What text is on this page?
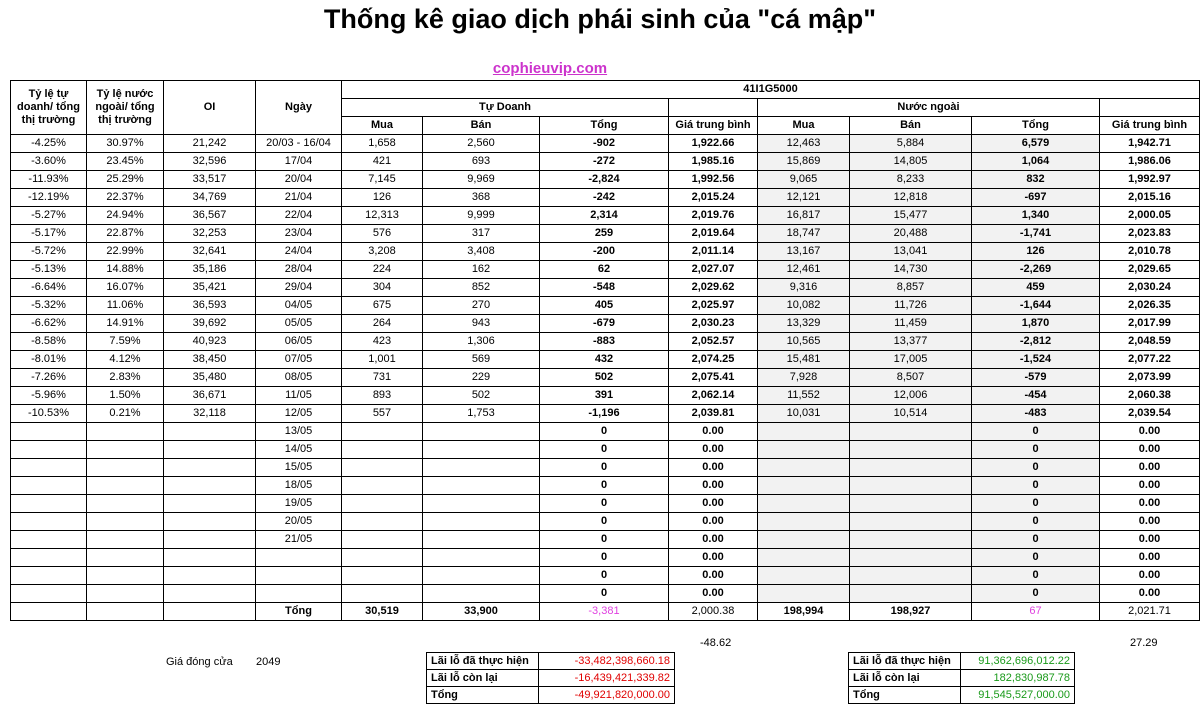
Thống kê giao dịch phái sinh của "cá mập"
cophieuvip.com
Tỷ lệ tự doanh/ tổng thị trường	Tỷ lệ nước ngoài/ tổng thị trường	OI	Ngày	41I1G5000							
				Tự Doanh				Nước ngoài			
				Mua	Bán	Tổng	Giá trung bình	Mua	Bán	Tổng	Giá trung bình
-4.25%	30.97%	21,242	20/03 - 16/04	1,658	2,560	-902	1,922.66	12,463	5,884	6,579	1,942.71
-3.60%	23.45%	32,596	17/04	421	693	-272	1,985.16	15,869	14,805	1,064	1,986.06
-11.93%	25.29%	33,517	20/04	7,145	9,969	-2,824	1,992.56	9,065	8,233	832	1,992.97
-12.19%	22.37%	34,769	21/04	126	368	-242	2,015.24	12,121	12,818	-697	2,015.16
-5.27%	24.94%	36,567	22/04	12,313	9,999	2,314	2,019.76	16,817	15,477	1,340	2,000.05
-5.17%	22.87%	32,253	23/04	576	317	259	2,019.64	18,747	20,488	-1,741	2,023.83
-5.72%	22.99%	32,641	24/04	3,208	3,408	-200	2,011.14	13,167	13,041	126	2,010.78
-5.13%	14.88%	35,186	28/04	224	162	62	2,027.07	12,461	14,730	-2,269	2,029.65
-6.64%	16.07%	35,421	29/04	304	852	-548	2,029.62	9,316	8,857	459	2,030.24
-5.32%	11.06%	36,593	04/05	675	270	405	2,025.97	10,082	11,726	-1,644	2,026.35
-6.62%	14.91%	39,692	05/05	264	943	-679	2,030.23	13,329	11,459	1,870	2,017.99
-8.58%	7.59%	40,923	06/05	423	1,306	-883	2,052.57	10,565	13,377	-2,812	2,048.59
-8.01%	4.12%	38,450	07/05	1,001	569	432	2,074.25	15,481	17,005	-1,524	2,077.22
-7.26%	2.83%	35,480	08/05	731	229	502	2,075.41	7,928	8,507	-579	2,073.99
-5.96%	1.50%	36,671	11/05	893	502	391	2,062.14	11,552	12,006	-454	2,060.38
-10.53%	0.21%	32,118	12/05	557	1,753	-1,196	2,039.81	10,031	10,514	-483	2,039.54
			13/05			0	0.00			0	0.00
			14/05			0	0.00			0	0.00
			15/05			0	0.00			0	0.00
			18/05			0	0.00			0	0.00
			19/05			0	0.00			0	0.00
			20/05			0	0.00			0	0.00
			21/05			0	0.00			0	0.00
						0	0.00			0	0.00
						0	0.00			0	0.00
						0	0.00			0	0.00
			Tổng	30,519	33,900	-3,381	2,000.38	198,994	198,927	67	2,021.71
-48.62	27.29
Giá đóng cửa 2049	Lãi lỗ đã thực hiện	-33,482,398,660.18
Lãi lỗ còn lại	-16,439,421,339.82
Tổng	-49,921,820,000.00
Lãi lỗ đã thực hiện	91,362,696,012.22
Lãi lỗ còn lại	182,830,987.78
Tổng	91,545,527,000.00
